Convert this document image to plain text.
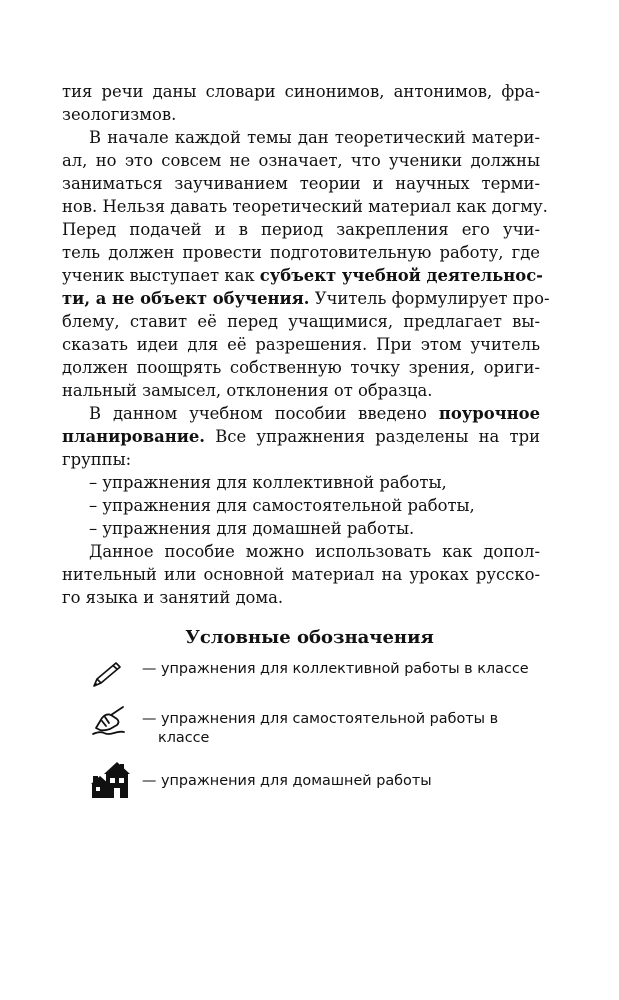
тия речи даны словари синонимов, антонимов, фра-
зеологизмов.
В начале каждой темы дан теоретический матери-
ал, но это совсем не означает, что ученики должны
заниматься заучиванием теории и научных терми-
нов. Нельзя давать теоретический материал как догму.
Перед подачей и в период закрепления его учи-
тель должен провести подготовительную работу, где
ученик выступает как субъект учебной деятельнос-
ти, а не объект обучения. Учитель формулирует про-
блему, ставит её перед учащимися, предлагает вы-
сказать идеи для её разрешения. При этом учитель
должен поощрять собственную точку зрения, ориги-
нальный замысел, отклонения от образца.
В данном учебном пособии введено поурочное
планирование. Все упражнения разделены на три
группы:
– упражнения для коллективной работы,
– упражнения для самостоятельной работы,
– упражнения для домашней работы.
Данное пособие можно использовать как допол-
нительный или основной материал на уроках русско-
го языка и занятий дома.
Условные обозначения
— упражнения для коллективной работы в классе
— упражнения для самостоятельной работы в
классе
— упражнения для домашней работы
